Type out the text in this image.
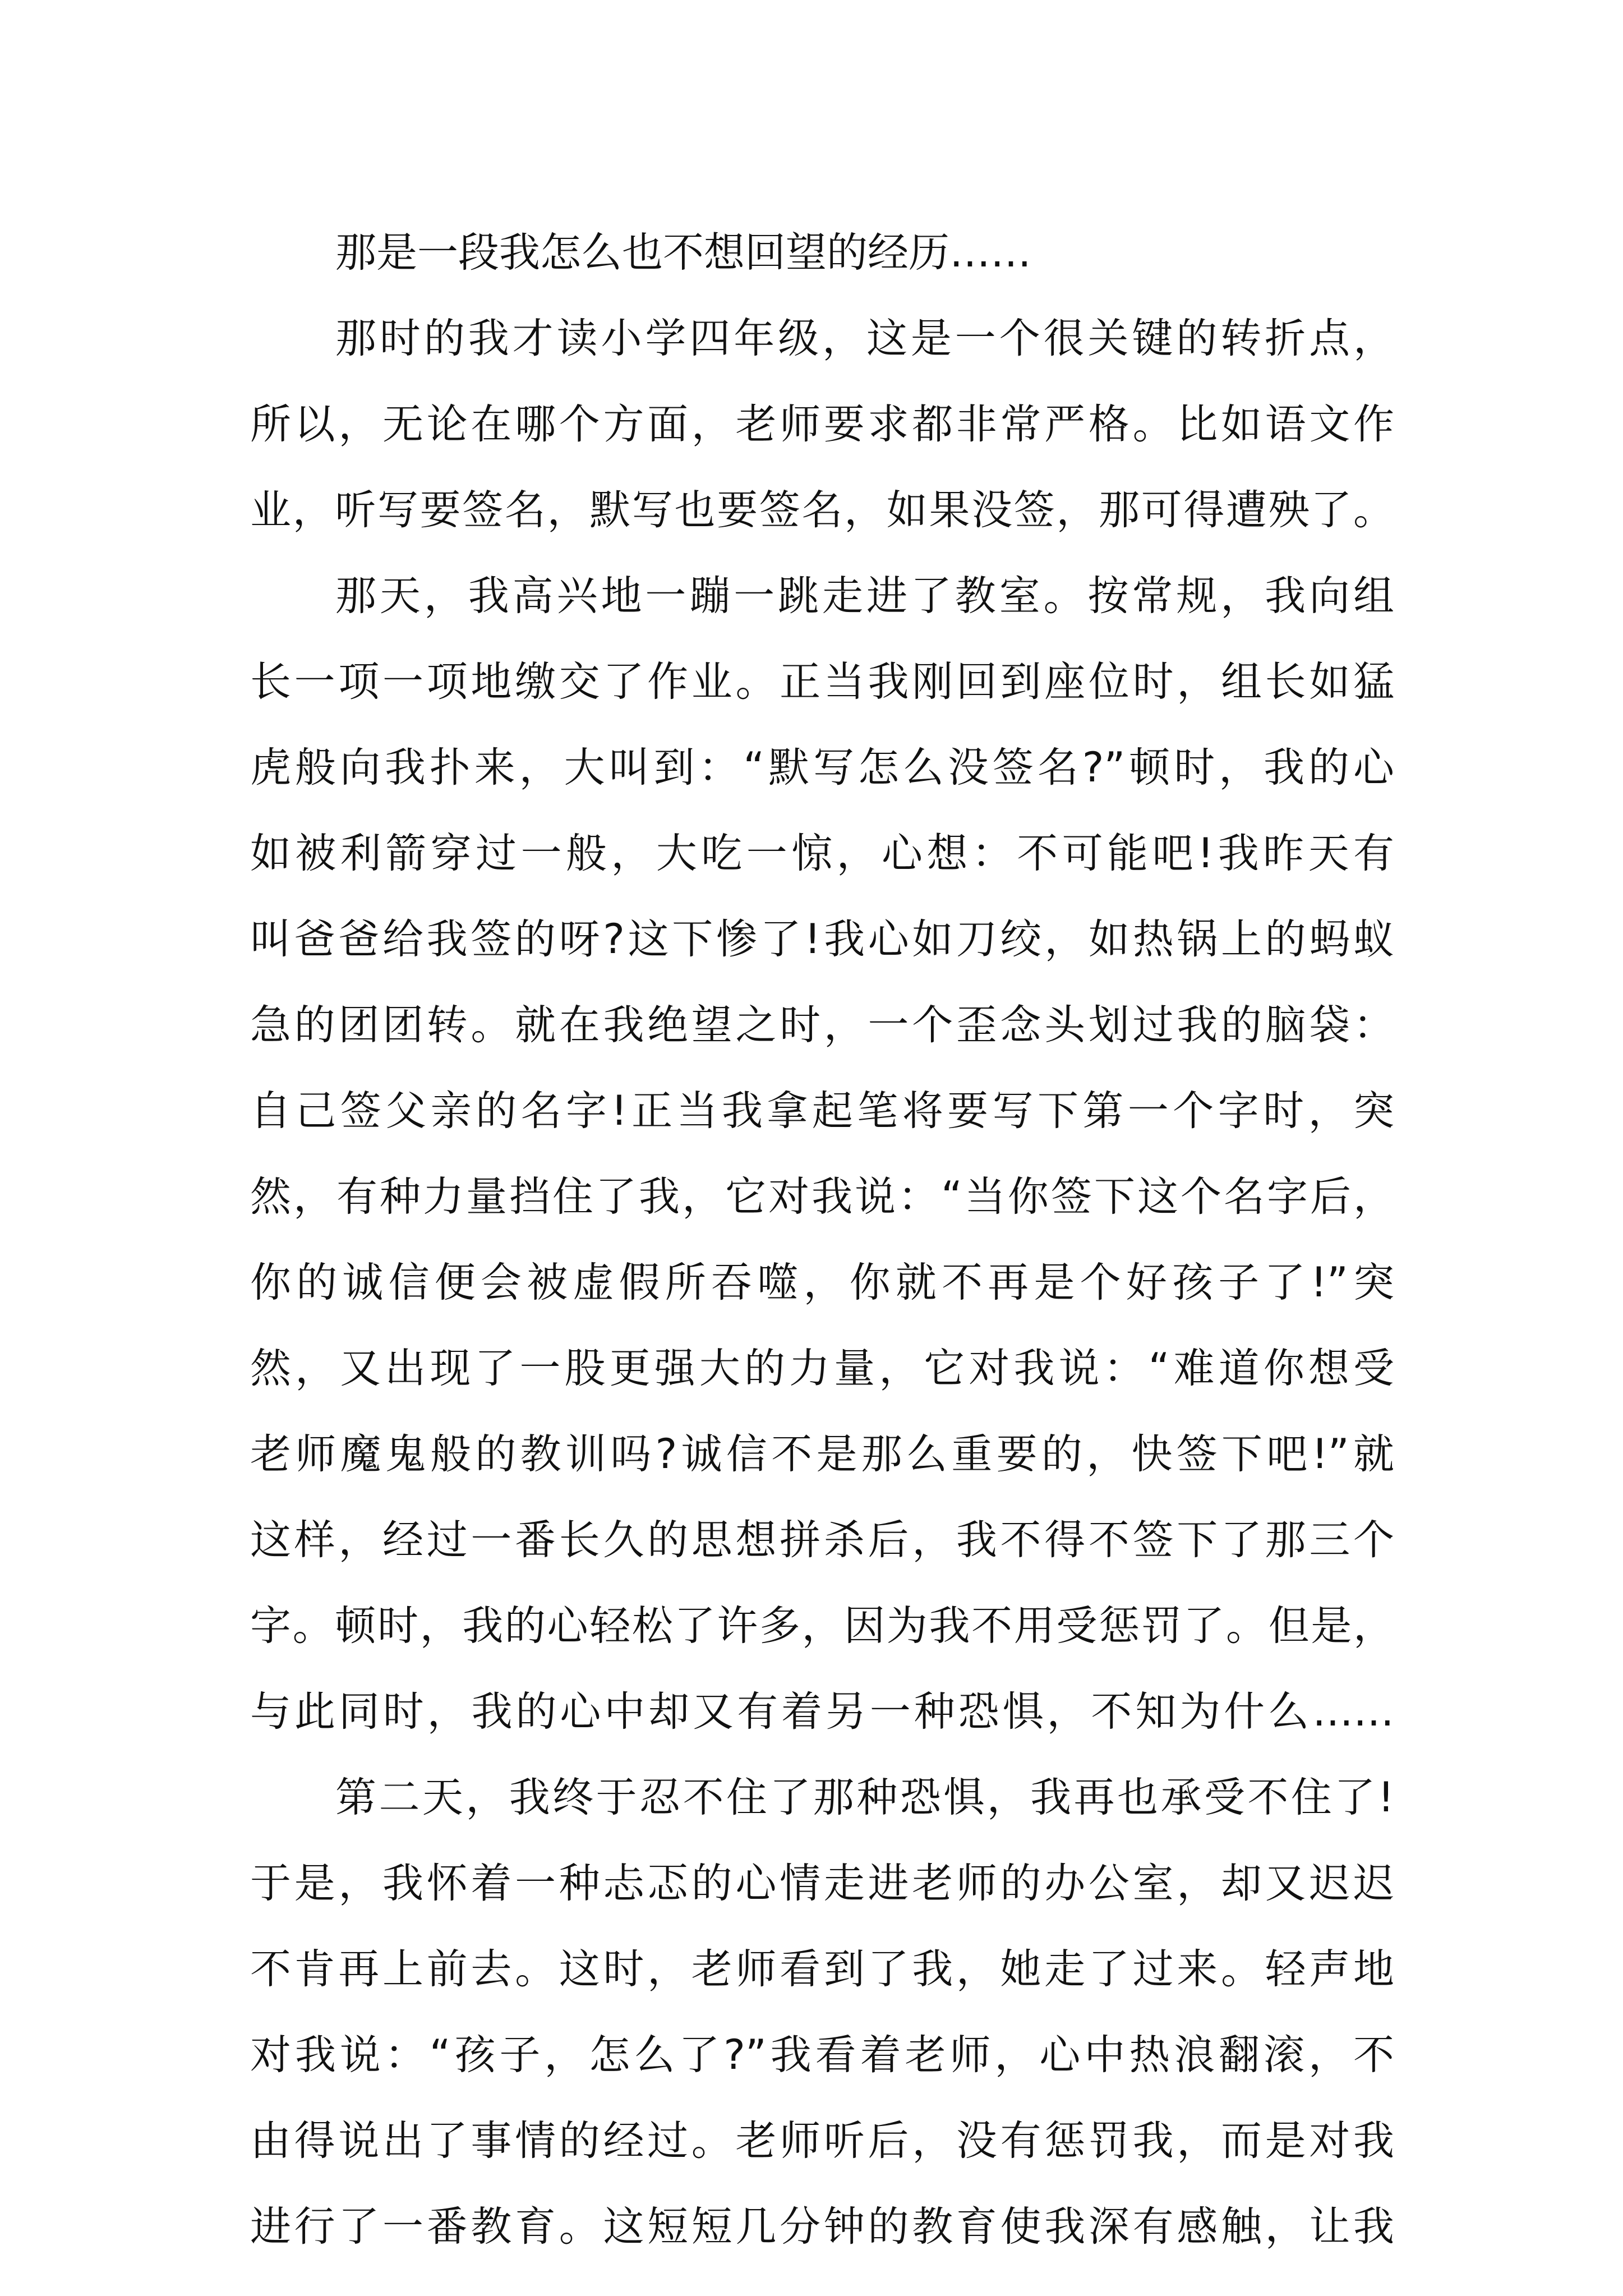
那是一段我怎么也不想回望的经历……
那时的我才读小学四年级，这是一个很关键的转折点，
所以，无论在哪个方面，老师要求都非常严格。比如语文作
业，听写要签名，默写也要签名，如果没签，那可得遭殃了。
那天，我高兴地一蹦一跳走进了教室。按常规，我向组
长一项一项地缴交了作业。正当我刚回到座位时，组长如猛
虎般向我扑来，大叫到：“默写怎么没签名?”顿时，我的心
如被利箭穿过一般，大吃一惊，心想：不可能吧!我昨天有
叫爸爸给我签的呀?这下惨了!我心如刀绞，如热锅上的蚂蚁
急的团团转。就在我绝望之时，一个歪念头划过我的脑袋：
自己签父亲的名字!正当我拿起笔将要写下第一个字时，突
然，有种力量挡住了我，它对我说：“当你签下这个名字后，
你的诚信便会被虚假所吞噬，你就不再是个好孩子了!”突
然，又出现了一股更强大的力量，它对我说：“难道你想受
老师魔鬼般的教训吗?诚信不是那么重要的，快签下吧!”就
这样，经过一番长久的思想拼杀后，我不得不签下了那三个
字。顿时，我的心轻松了许多，因为我不用受惩罚了。但是，
与此同时，我的心中却又有着另一种恐惧，不知为什么……
第二天，我终于忍不住了那种恐惧，我再也承受不住了!
于是，我怀着一种忐忑的心情走进老师的办公室，却又迟迟
不肯再上前去。这时，老师看到了我，她走了过来。轻声地
对我说：“孩子，怎么了?”我看着老师，心中热浪翻滚，不
由得说出了事情的经过。老师听后，没有惩罚我，而是对我
进行了一番教育。这短短几分钟的教育使我深有感触，让我
